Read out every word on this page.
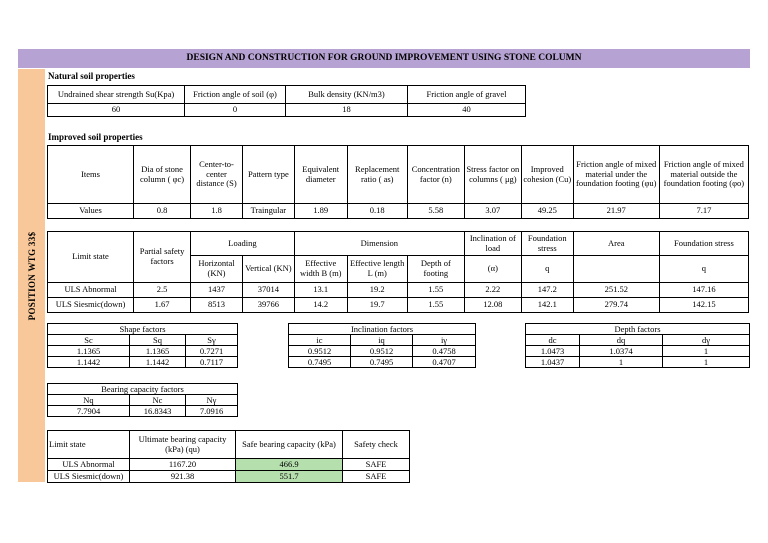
DESIGN AND CONSTRUCTION FOR GROUND IMPROVEMENT USING STONE COLUMN
POSITION WTG 33$
Natural soil properties
Undrained shear strength Su(Kpa)	Friction angle of soil (φ)	Bulk density (KN/m3)	Friction angle of gravel
60	0	18	40
Improved soil properties
Items	Dia of stone column ( φc)	Center-to-center distance (S)	Pattern type	Equivalent diameter	Replacement ratio ( as)	Concentration factor (n)	Stress factor on columns ( μg)	Improved cohesion (Cu)	Friction angle of mixed material under the foundation footing (φu)	Friction angle of mixed material outside the foundation footing (φo)
Values	0.8	1.8	Traingular	1.89	0.18	5.58	3.07	49.25	21.97	7.17
Limit state	Partial safety factors	Loading		Dimension			Inclination of load	Foundation stress	Area	Foundation stress
		Horizontal (KN)	Vertical (KN)	Effective width B (m)	Effective length L (m)	Depth of footing	(α)	q		q
ULS Abnormal	2.5	1437	37014	13.1	19.2	1.55	2.22	147.2	251.52	147.16
ULS Siesmic(down)	1.67	8513	39766	14.2	19.7	1.55	12.08	142.1	279.74	142.15
Shape factors		
Sc	Sq	Sγ
1.1365	1.1365	0.7271
1.1442	1.1442	0.7117
Inclination factors		
ic	iq	iγ
0.9512	0.9512	0.4758
0.7495	0.7495	0.4707
Depth factors		
dc	dq	dγ
1.0473	1.0374	1
1.0437	1	1
Bearing capacity factors		
Nq	Nc	Nγ
7.7904	16.8343	7.0916
Limit state	Ultimate bearing capacity (kPa) (qu)	Safe bearing capacity (kPa)	Safety check
ULS Abnormal	1167.20	466.9	SAFE
ULS Siesmic(down)	921.38	551.7	SAFE
